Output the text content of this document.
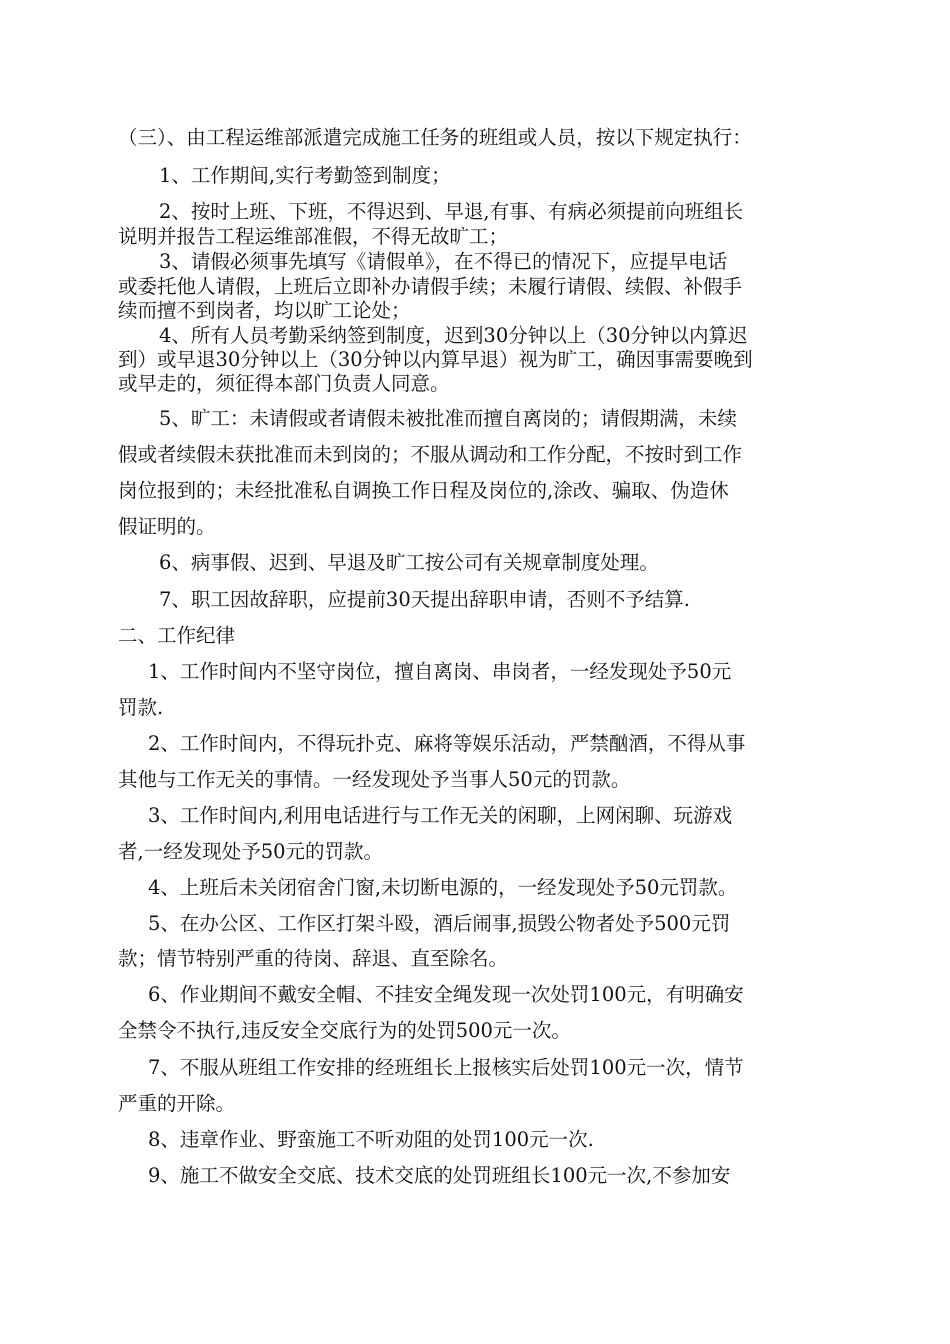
（三）、由工程运维部派遣完成施工任务的班组或人员，按以下规定执行：

1、工作期间,实行考勤签到制度；

2、按时上班、下班，不得迟到、早退,有事、有病必须提前向班组长

说明并报告工程运维部准假，不得无故旷工；

3、请假必须事先填写《请假单》，在不得已的情况下，应提早电话

或委托他人请假，上班后立即补办请假手续；未履行请假、续假、补假手

续而擅不到岗者，均以旷工论处；

4、所有人员考勤采纳签到制度，迟到30分钟以上（30分钟以内算迟

到）或早退30分钟以上（30分钟以内算早退）视为旷工，确因事需要晚到

或早走的，须征得本部门负责人同意。

5、旷工：未请假或者请假未被批准而擅自离岗的；请假期满，未续

假或者续假未获批准而未到岗的；不服从调动和工作分配，不按时到工作

岗位报到的；未经批准私自调换工作日程及岗位的,涂改、骗取、伪造休

假证明的。

6、病事假、迟到、早退及旷工按公司有关规章制度处理。

7、职工因故辞职，应提前30天提出辞职申请，否则不予结算.

二、工作纪律

1、工作时间内不坚守岗位，擅自离岗、串岗者，一经发现处予50元

罚款.

2、工作时间内，不得玩扑克、麻将等娱乐活动，严禁酗酒，不得从事

其他与工作无关的事情。一经发现处予当事人50元的罚款。

3、工作时间内,利用电话进行与工作无关的闲聊，上网闲聊、玩游戏

者,一经发现处予50元的罚款。

4、上班后未关闭宿舍门窗,未切断电源的，一经发现处予50元罚款。

5、在办公区、工作区打架斗殴，酒后闹事,损毁公物者处予500元罚

款；情节特别严重的待岗、辞退、直至除名。

6、作业期间不戴安全帽、不挂安全绳发现一次处罚100元，有明确安

全禁令不执行,违反安全交底行为的处罚500元一次。

7、不服从班组工作安排的经班组长上报核实后处罚100元一次，情节

严重的开除。

8、违章作业、野蛮施工不听劝阻的处罚100元一次.

9、施工不做安全交底、技术交底的处罚班组长100元一次,不参加安
